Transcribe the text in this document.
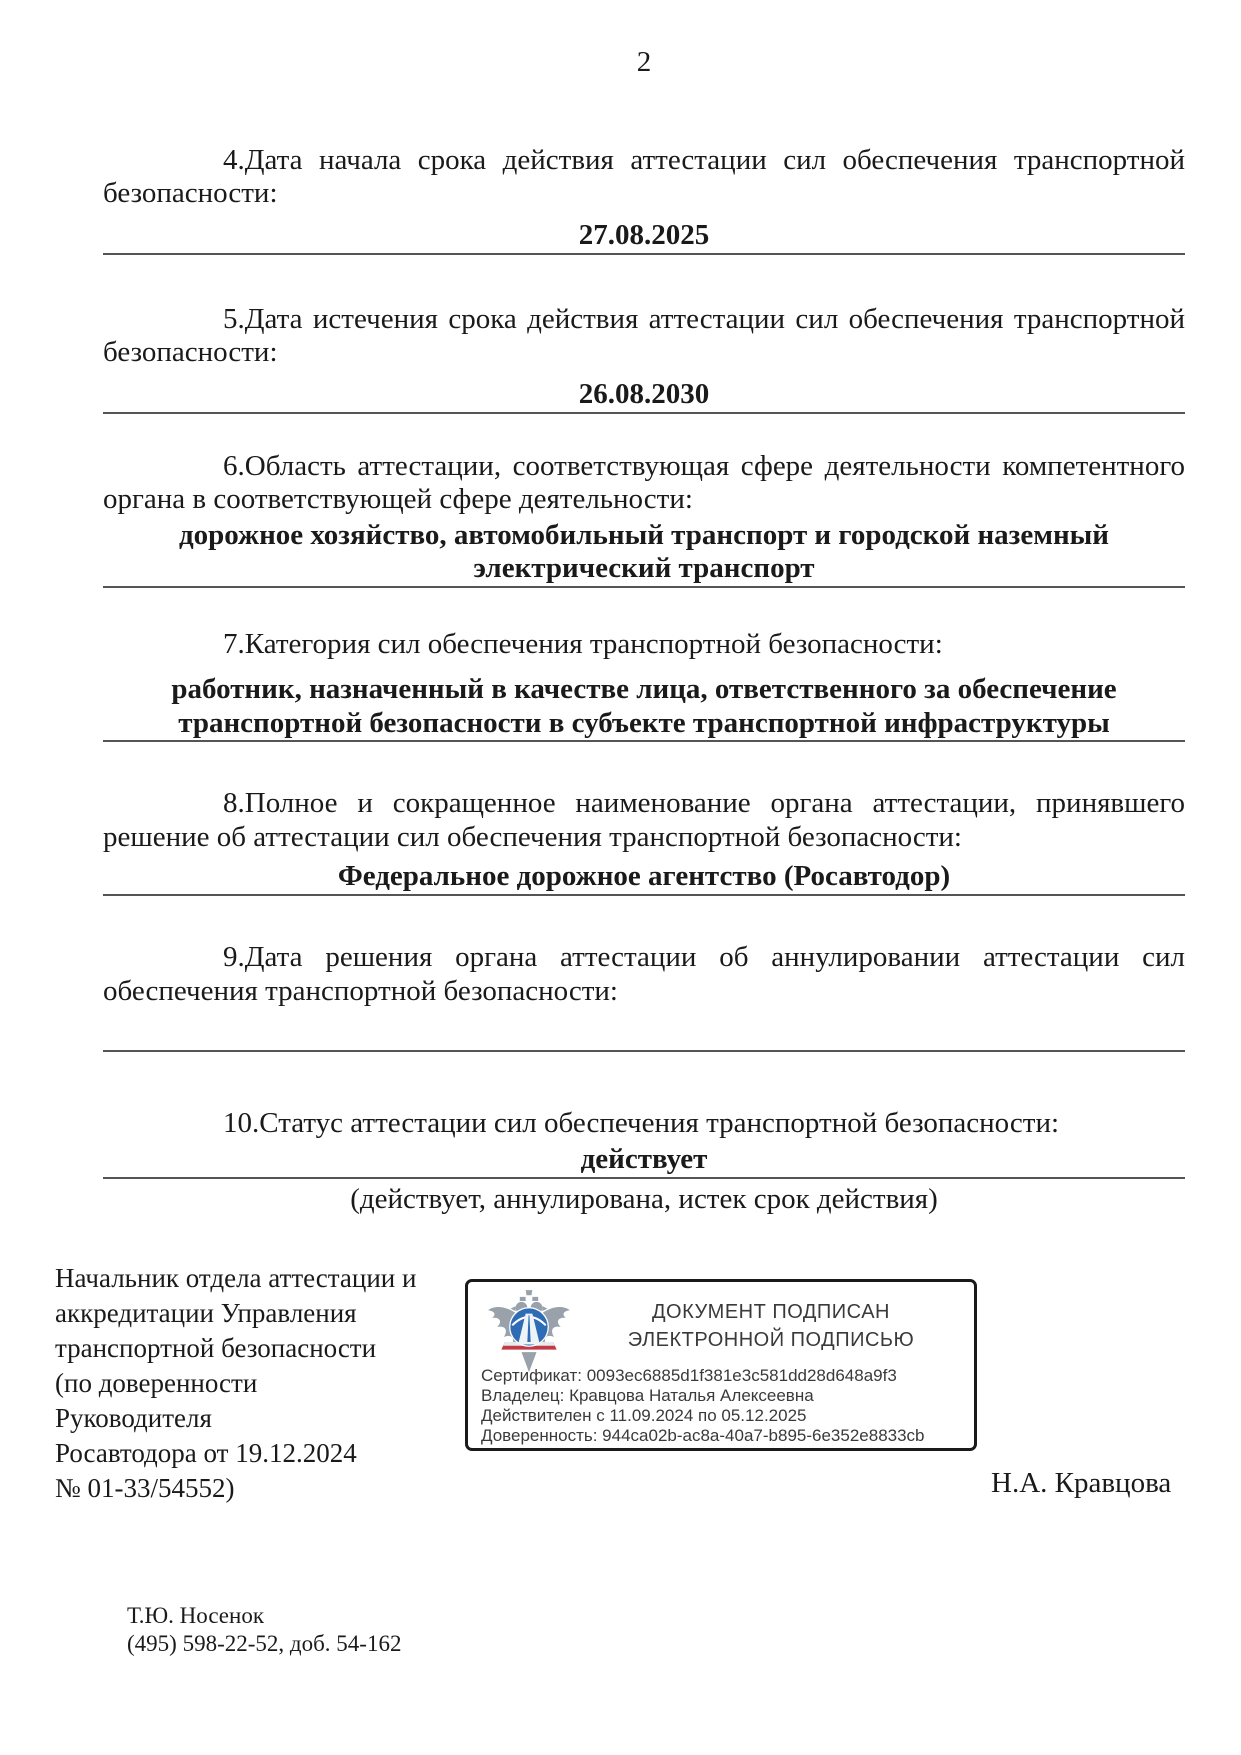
2

4.Дата начала срока действия аттестации сил обеспечения транспортной безопасности:

27.08.2025

5.Дата истечения срока действия аттестации сил обеспечения транспортной безопасности:

26.08.2030

6.Область аттестации, соответствующая сфере деятельности компетентного органа в соответствующей сфере деятельности:

дорожное хозяйство, автомобильный транспорт и городской наземный электрический транспорт

7.Категория сил обеспечения транспортной безопасности:

работник, назначенный в качестве лица, ответственного за обеспечение транспортной безопасности в субъекте транспортной инфраструктуры

8.Полное и сокращенное наименование органа аттестации, принявшего решение об аттестации сил обеспечения транспортной безопасности:

Федеральное дорожное агентство (Росавтодор)

9.Дата решения органа аттестации об аннулировании аттестации сил обеспечения транспортной безопасности:

10.Статус аттестации сил обеспечения транспортной безопасности:

действует
(действует, аннулирована, истек срок действия)
Начальник отдела аттестации и
аккредитации Управления
транспортной безопасности
(по доверенности Руководителя
Росавтодора от 19.12.2024
№ 01-33/54552)
ДОКУМЕНТ ПОДПИСАН
ЭЛЕКТРОННОЙ ПОДПИСЬЮ
Сертификат: 0093ec6885d1f381e3c581dd28d648a9f3
Владелец: Кравцова Наталья Алексеевна
Действителен с 11.09.2024 по 05.12.2025
Доверенность: 944ca02b-ac8a-40a7-b895-6e352e8833cb
Н.А. Кравцова
Т.Ю. Носенок
(495) 598-22-52, доб. 54-162
